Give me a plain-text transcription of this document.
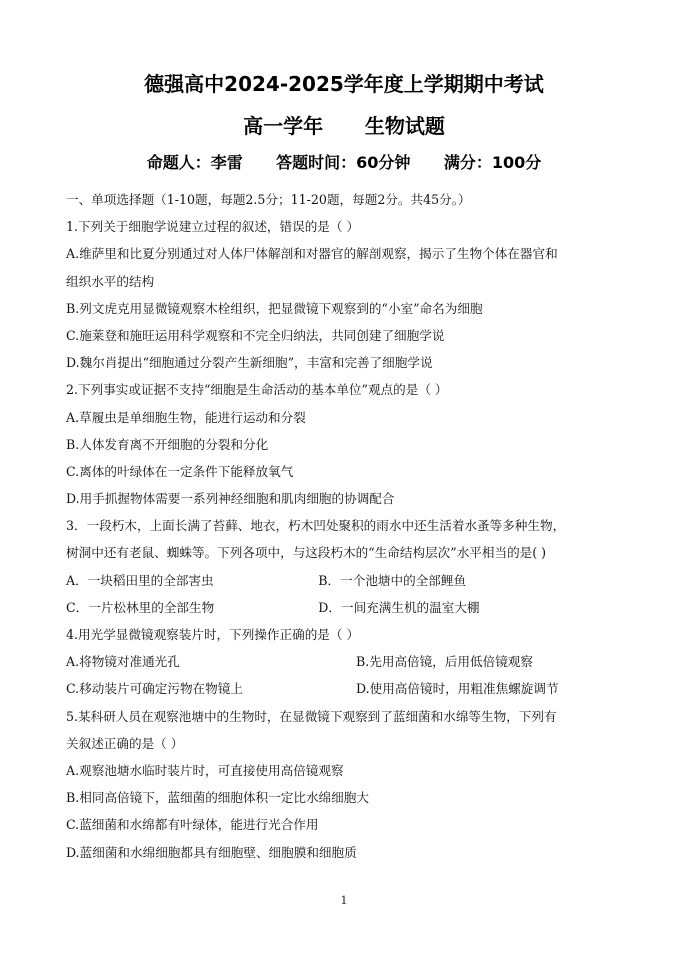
德强高中2024-2025学年度上学期期中考试
高一学年      生物试题
命题人：李雷      答题时间：60分钟      满分：100分
一、单项选择题（1-10题，每题2.5分；11-20题，每题2分。共45分。）
1.下列关于细胞学说建立过程的叙述，错误的是（ ）
A.维萨里和比夏分别通过对人体尸体解剖和对器官的解剖观察，揭示了生物个体在器官和
组织水平的结构
B.列文虎克用显微镜观察木栓组织，把显微镜下观察到的“小室”命名为细胞
C.施莱登和施旺运用科学观察和不完全归纳法，共同创建了细胞学说
D.魏尔肖提出“细胞通过分裂产生新细胞”，丰富和完善了细胞学说
2.下列事实或证据不支持“细胞是生命活动的基本单位”观点的是（ ）
A.草履虫是单细胞生物，能进行运动和分裂
B.人体发育离不开细胞的分裂和分化
C.离体的叶绿体在一定条件下能释放氧气
D.用手抓握物体需要一系列神经细胞和肌肉细胞的协调配合
3．一段朽木，上面长满了苔藓、地衣，朽木凹处聚积的雨水中还生活着水蚤等多种生物，
树洞中还有老鼠、蜘蛛等。下列各项中，与这段朽木的“生命结构层次”水平相当的是( )
A．一块稻田里的全部害虫	B．一个池塘中的全部鲤鱼
C．一片松林里的全部生物	D．一间充满生机的温室大棚
4.用光学显微镜观察装片时，下列操作正确的是（ ）
A.将物镜对准通光孔	B.先用高倍镜，后用低倍镜观察
C.移动装片可确定污物在物镜上	D.使用高倍镜时，用粗准焦螺旋调节
5.某科研人员在观察池塘中的生物时，在显微镜下观察到了蓝细菌和水绵等生物，下列有
关叙述正确的是（ ）
A.观察池塘水临时装片时，可直接使用高倍镜观察
B.相同高倍镜下，蓝细菌的细胞体积一定比水绵细胞大
C.蓝细菌和水绵都有叶绿体，能进行光合作用
D.蓝细菌和水绵细胞都具有细胞壁、细胞膜和细胞质
1
